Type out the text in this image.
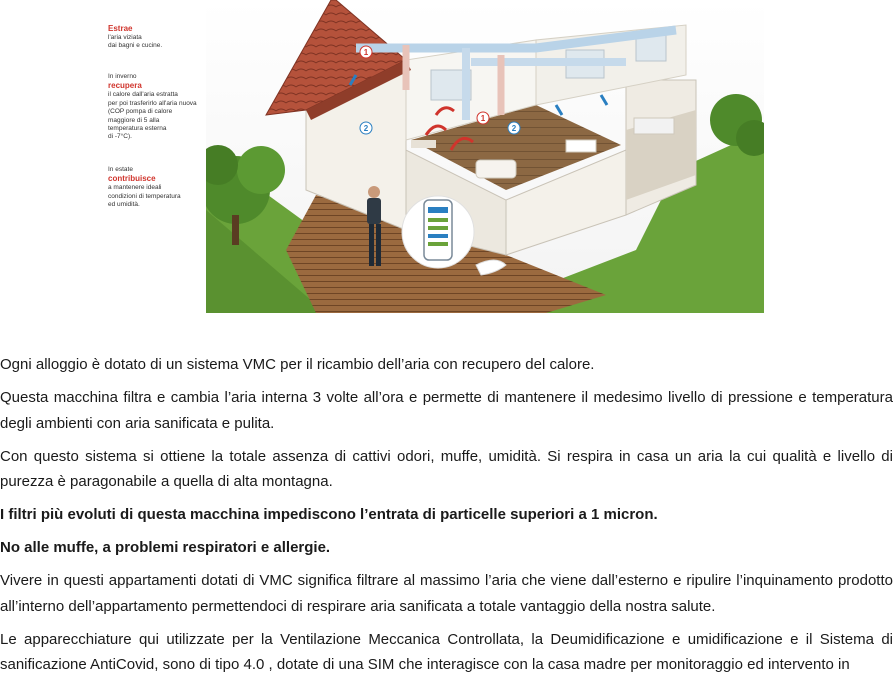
Estrae
l'aria viziata
dai bagni e cucine.
In inverno
recupera
il calore dall'aria estratta
per poi trasferirlo all'aria nuova
(COP pompa di calore
maggiore di 5 alla
temperatura esterna
di -7°C).
In estate
contribuisce
a mantenere ideali
condizioni di temperatura
ed umidità.
1
1
2
2

Ogni alloggio è dotato di un sistema VMC per il ricambio dell’aria con recupero del calore.

Questa macchina filtra e cambia l’aria interna 3 volte all’ora e permette di mantenere il medesimo livello di pressione e temperatura degli ambienti con aria sanificata e pulita.

Con questo sistema si ottiene la totale assenza di cattivi odori, muffe, umidità. Si respira in casa un aria la cui qualità e livello di purezza è paragonabile a quella di alta montagna.

I filtri più evoluti di questa macchina impediscono l’entrata di particelle superiori a 1 micron.

No alle muffe, a problemi respiratori e allergie.

Vivere in questi appartamenti dotati di VMC significa filtrare al massimo l’aria che viene dall’esterno e ripulire l’inquinamento prodotto all’interno dell’appartamento permettendoci di respirare aria sanificata a totale vantaggio della nostra salute.

Le apparecchiature qui utilizzate per la Ventilazione Meccanica Controllata, la Deumidificazione e umidificazione e il Sistema di sanificazione AntiCovid, sono di tipo 4.0 , dotate di una SIM che interagisce con la casa madre per monitoraggio ed intervento in
